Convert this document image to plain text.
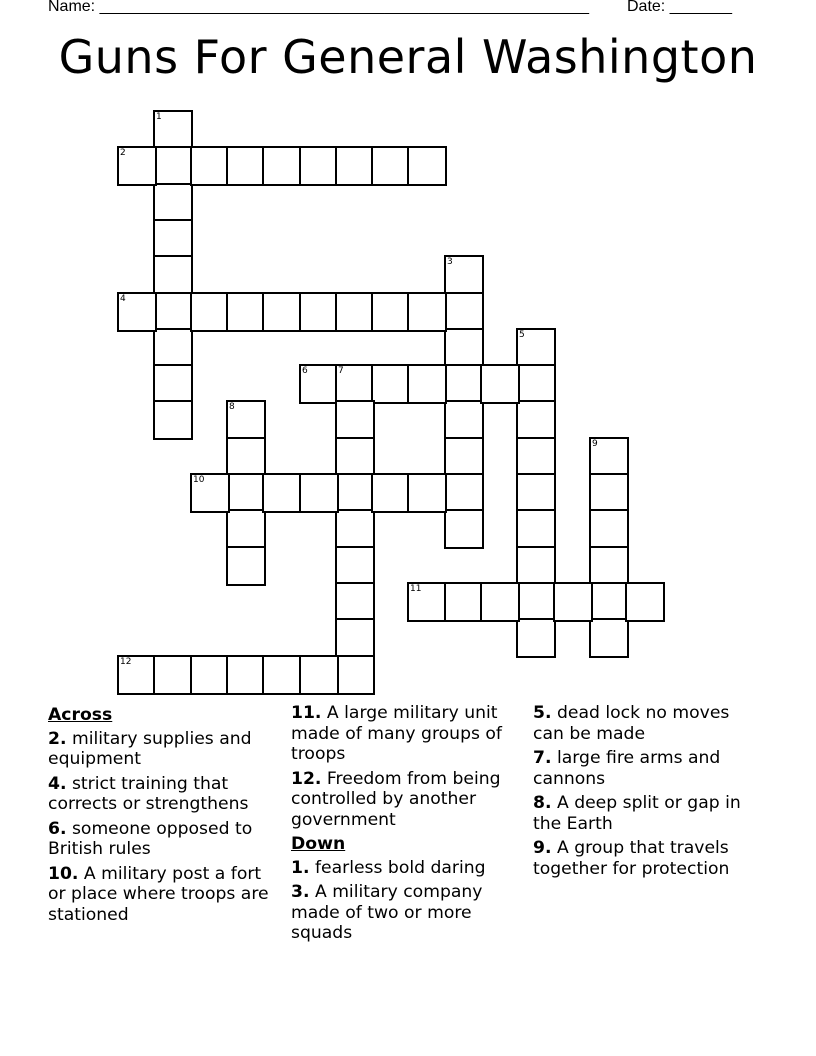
Name: _______________________________________________________ Date: _______
Guns For General Washington
1
2
3
4
5
6	7
8
9
10
11
12
Across
2. military supplies and equipment
4. strict training that corrects or strengthens
6. someone opposed to British rules
10. A military post a fort or place where troops are stationed
11. A large military unit made of many groups of troops
12. Freedom from being controlled by another government
Down
1. fearless bold daring
3. A military company made of two or more squads
5. dead lock no moves can be made
7. large fire arms and cannons
8. A deep split or gap in the Earth
9. A group that travels together for protection
